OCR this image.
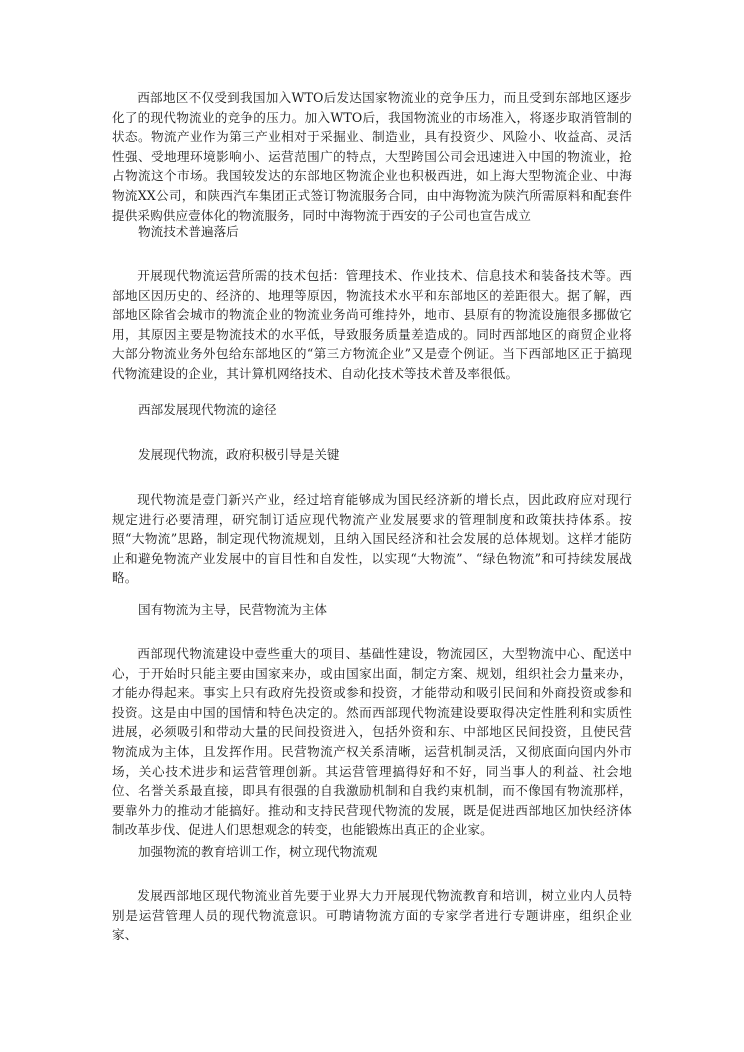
西部地区不仅受到我国加入WTO后发达国家物流业的竞争压力，而且受到东部地区逐步化了的现代物流业的竞争的压力。加入WTO后，我国物流业的市场准入，将逐步取消管制的状态。物流产业作为第三产业相对于采掘业、制造业，具有投资少、风险小、收益高、灵活性强、受地理环境影响小、运营范围广的特点，大型跨国公司会迅速进入中国的物流业，抢占物流这个市场。我国较发达的东部地区物流企业也积极西进，如上海大型物流企业、中海物流XX公司，和陕西汽车集团正式签订物流服务合同，由中海物流为陕汽所需原料和配套件提供采购供应壹体化的物流服务，同时中海物流于西安的子公司也宣告成立

物流技术普遍落后

开展现代物流运营所需的技术包括：管理技术、作业技术、信息技术和装备技术等。西部地区因历史的、经济的、地理等原因，物流技术水平和东部地区的差距很大。据了解，西部地区除省会城市的物流企业的物流业务尚可维持外，地市、县原有的物流设施很多挪做它用，其原因主要是物流技术的水平低，导致服务质量差造成的。同时西部地区的商贸企业将大部分物流业务外包给东部地区的“第三方物流企业”又是壹个例证。当下西部地区正于搞现代物流建设的企业，其计算机网络技术、自动化技术等技术普及率很低。

西部发展现代物流的途径

发展现代物流，政府积极引导是关键

现代物流是壹门新兴产业，经过培育能够成为国民经济新的增长点，因此政府应对现行规定进行必要清理，研究制订适应现代物流产业发展要求的管理制度和政策扶持体系。按照“大物流”思路，制定现代物流规划，且纳入国民经济和社会发展的总体规划。这样才能防止和避免物流产业发展中的盲目性和自发性，以实现“大物流”、“绿色物流”和可持续发展战略。

国有物流为主导，民营物流为主体

西部现代物流建设中壹些重大的项目、基础性建设，物流园区，大型物流中心、配送中心，于开始时只能主要由国家来办，或由国家出面，制定方案、规划，组织社会力量来办，才能办得起来。事实上只有政府先投资或参和投资，才能带动和吸引民间和外商投资或参和投资。这是由中国的国情和特色决定的。然而西部现代物流建设要取得决定性胜利和实质性进展，必须吸引和带动大量的民间投资进入，包括外资和东、中部地区民间投资，且使民营物流成为主体，且发挥作用。民营物流产权关系清晰，运营机制灵活，又彻底面向国内外市场，关心技术进步和运营管理创新。其运营管理搞得好和不好，同当事人的利益、社会地位、名誉关系最直接，即具有很强的自我激励机制和自我约束机制，而不像国有物流那样，要靠外力的推动才能搞好。推动和支持民营现代物流的发展，既是促进西部地区加快经济体制改革步伐、促进人们思想观念的转变，也能锻炼出真正的企业家。

加强物流的教育培训工作，树立现代物流观

发展西部地区现代物流业首先要于业界大力开展现代物流教育和培训，树立业内人员特别是运营管理人员的现代物流意识。可聘请物流方面的专家学者进行专题讲座，组织企业家、
